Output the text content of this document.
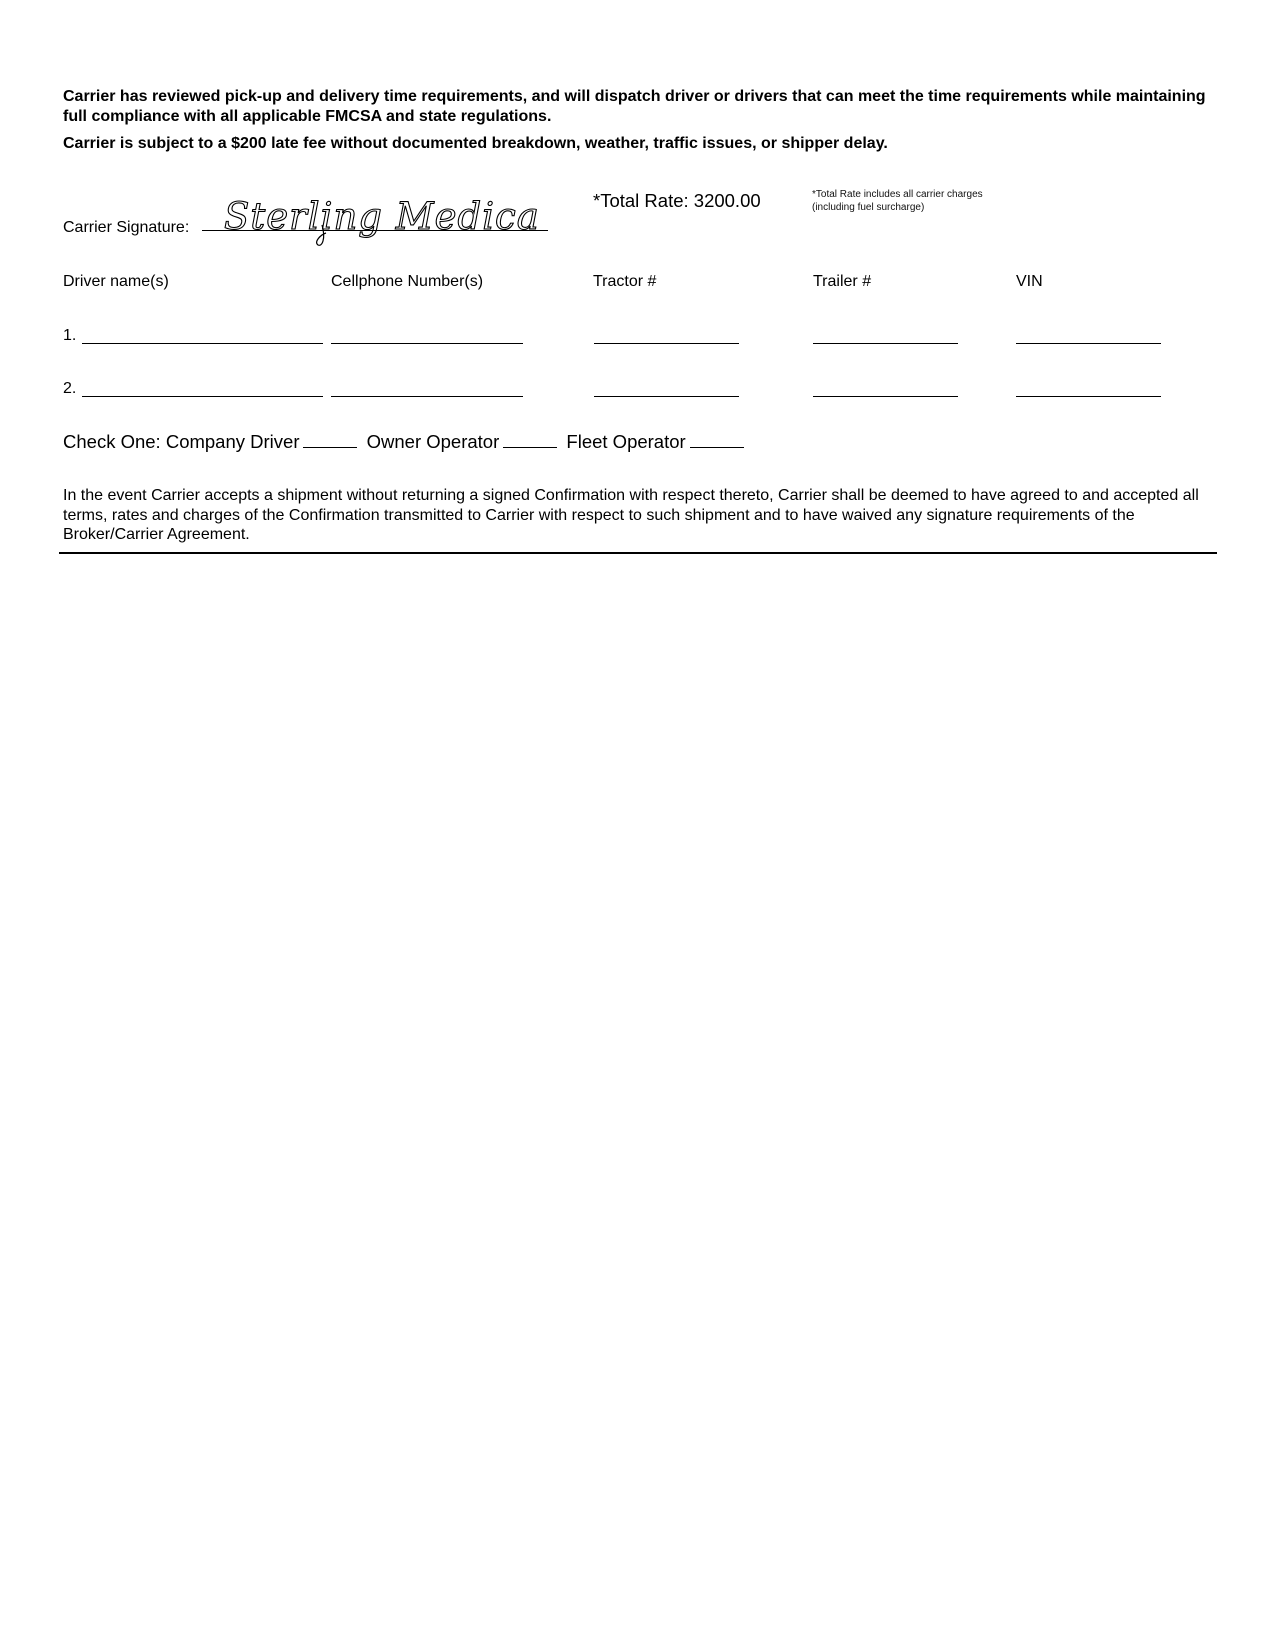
Carrier has reviewed pick-up and delivery time requirements, and will dispatch driver or drivers that can meet the time requirements while maintaining full compliance with all applicable FMCSA and state regulations.
Carrier is subject to a $200 late fee without documented breakdown, weather, traffic issues, or shipper delay.
Carrier Signature: Sterling Medica	*Total Rate: 3200.00	*Total Rate includes all carrier charges (including fuel surcharge)
Driver name(s)	Cellphone Number(s)	Tractor #	Trailer #	VIN
1.
2.
Check One: Company Driver	Owner Operator	Fleet Operator
In the event Carrier accepts a shipment without returning a signed Confirmation with respect thereto, Carrier shall be deemed to have agreed to and accepted all terms, rates and charges of the Confirmation transmitted to Carrier with respect to such shipment and to have waived any signature requirements of the Broker/Carrier Agreement.
